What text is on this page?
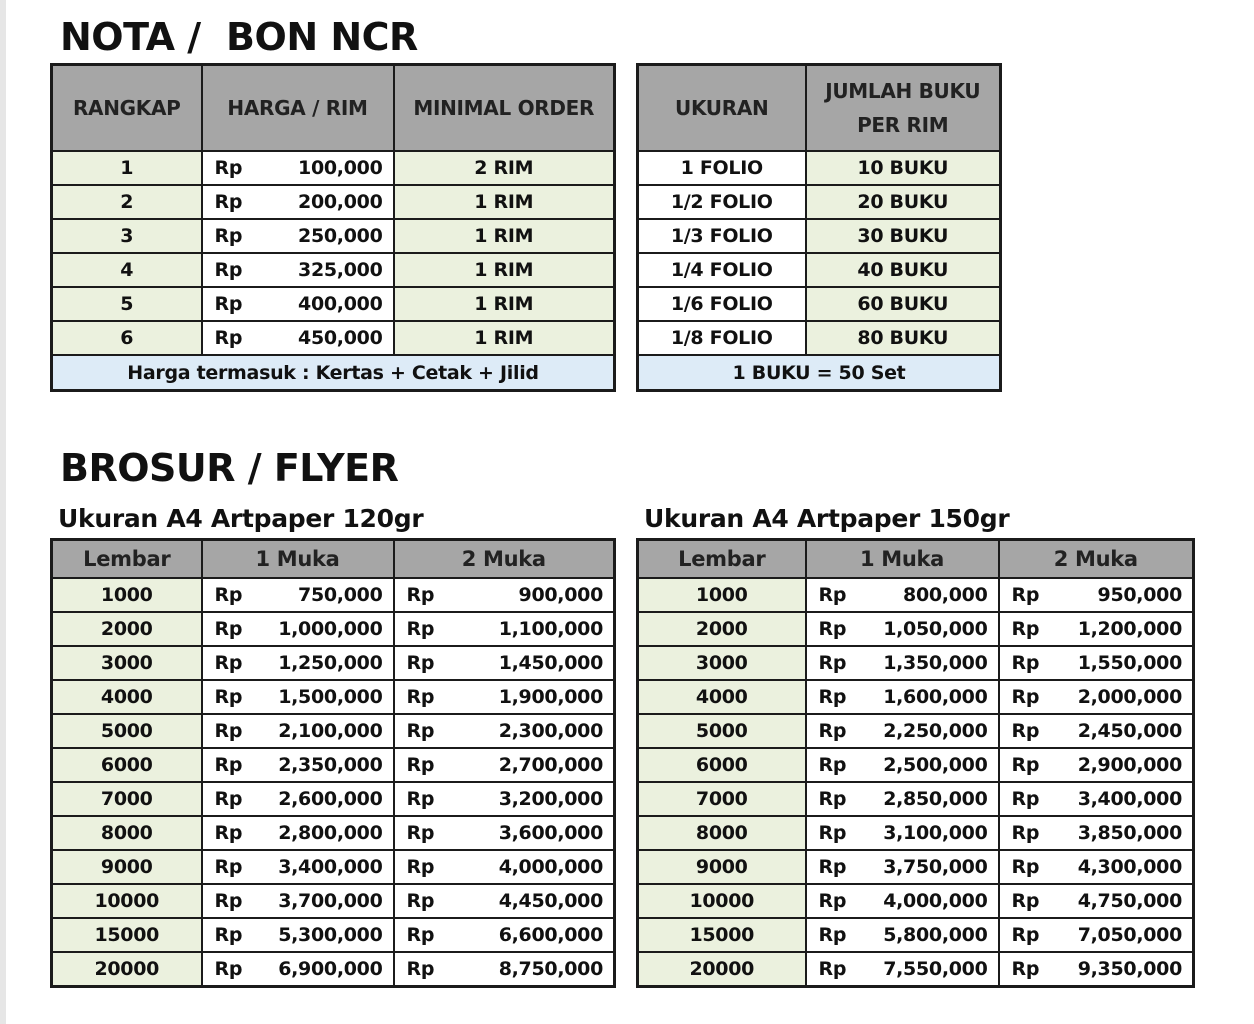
NOTA /  BON NCR
RANGKAP	HARGA / RIM	MINIMAL ORDER
1	Rp 100,000	2 RIM
2	Rp 200,000	1 RIM
3	Rp 250,000	1 RIM
4	Rp 325,000	1 RIM
5	Rp 400,000	1 RIM
6	Rp 450,000	1 RIM
Harga termasuk : Kertas + Cetak + Jilid		
UKURAN	JUMLAH BUKU
PER RIM
1 FOLIO	10 BUKU
1/2 FOLIO	20 BUKU
1/3 FOLIO	30 BUKU
1/4 FOLIO	40 BUKU
1/6 FOLIO	60 BUKU
1/8 FOLIO	80 BUKU
1 BUKU = 50 Set	
BROSUR / FLYER
Ukuran A4 Artpaper 120gr	Ukuran A4 Artpaper 150gr
Lembar	1 Muka	2 Muka
1000	Rp 750,000	Rp 900,000

2000	Rp 1,000,000	Rp 1,100,000

3000	Rp 1,250,000	Rp 1,450,000

4000	Rp 1,500,000	Rp 1,900,000

5000	Rp 2,100,000	Rp 2,300,000

6000	Rp 2,350,000	Rp 2,700,000

7000	Rp 2,600,000	Rp 3,200,000

8000	Rp 2,800,000	Rp 3,600,000

9000	Rp 3,400,000	Rp 4,000,000

10000	Rp 3,700,000	Rp 4,450,000

15000	Rp 5,300,000	Rp 6,600,000

20000	Rp 6,900,000	Rp 8,750,000
Lembar	1 Muka	2 Muka
1000	Rp 800,000	Rp 950,000

2000	Rp 1,050,000	Rp 1,200,000

3000	Rp 1,350,000	Rp 1,550,000

4000	Rp 1,600,000	Rp 2,000,000

5000	Rp 2,250,000	Rp 2,450,000

6000	Rp 2,500,000	Rp 2,900,000

7000	Rp 2,850,000	Rp 3,400,000

8000	Rp 3,100,000	Rp 3,850,000

9000	Rp 3,750,000	Rp 4,300,000

10000	Rp 4,000,000	Rp 4,750,000

15000	Rp 5,800,000	Rp 7,050,000

20000	Rp 7,550,000	Rp 9,350,000
